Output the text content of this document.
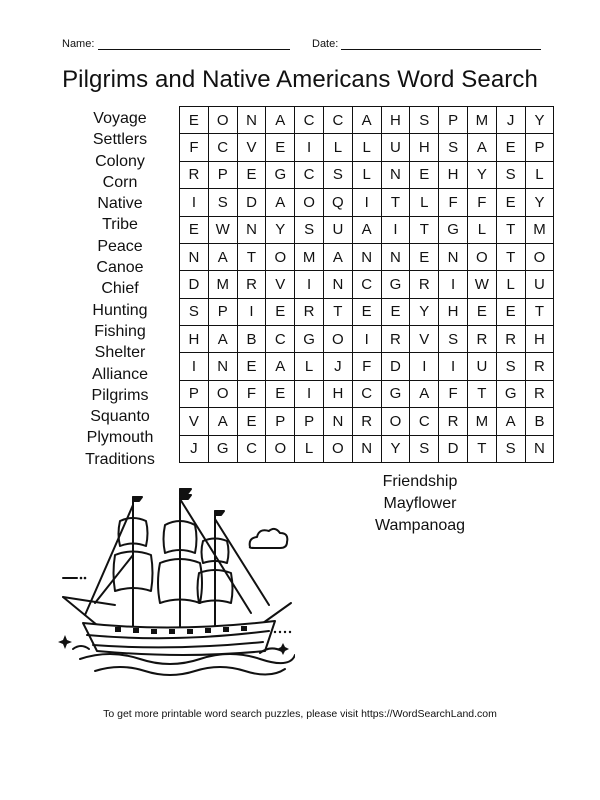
Name:	Date:
Pilgrims and Native Americans Word Search
Voyage
Settlers
Colony
Corn
Native
Tribe
Peace
Canoe
Chief
Hunting
Fishing
Shelter
Alliance
Pilgrims
Squanto
Plymouth
Traditions
E	O	N	A	C	C	A	H	S	P	M	J	Y
F	C	V	E	I	L	L	U	H	S	A	E	P
R	P	E	G	C	S	L	N	E	H	Y	S	L
I	S	D	A	O	Q	I	T	L	F	F	E	Y
E	W	N	Y	S	U	A	I	T	G	L	T	M
N	A	T	O	M	A	N	N	E	N	O	T	O
D	M	R	V	I	N	C	G	R	I	W	L	U
S	P	I	E	R	T	E	E	Y	H	E	E	T
H	A	B	C	G	O	I	R	V	S	R	R	H
I	N	E	A	L	J	F	D	I	I	U	S	R
P	O	F	E	I	H	C	G	A	F	T	G	R
V	A	E	P	P	N	R	O	C	R	M	A	B
J	G	C	O	L	O	N	Y	S	D	T	S	N
Friendship
Mayflower
Wampanoag
To get more printable word search puzzles, please visit https://WordSearchLand.com
